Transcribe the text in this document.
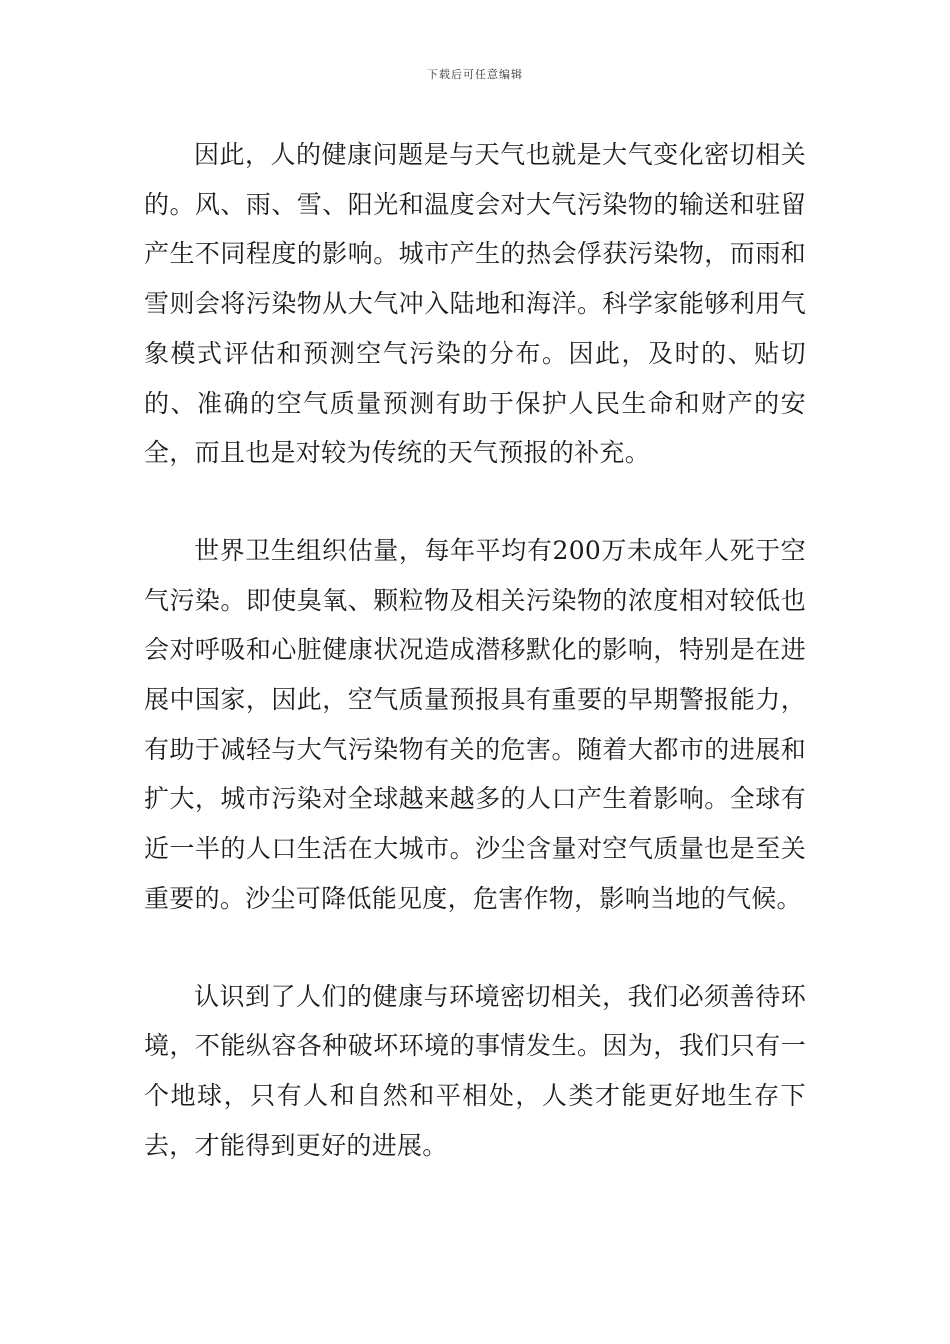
下载后可任意编辑

因此，人的健康问题是与天气也就是大气变化密切相关的。风、雨、雪、阳光和温度会对大气污染物的输送和驻留产生不同程度的影响。城市产生的热会俘获污染物，而雨和雪则会将污染物从大气冲入陆地和海洋。科学家能够利用气象模式评估和预测空气污染的分布。因此，及时的、贴切的、准确的空气质量预测有助于保护人民生命和财产的安全，而且也是对较为传统的天气预报的补充。

世界卫生组织估量，每年平均有200万未成年人死于空气污染。即使臭氧、颗粒物及相关污染物的浓度相对较低也会对呼吸和心脏健康状况造成潜移默化的影响，特别是在进展中国家，因此，空气质量预报具有重要的早期警报能力，有助于减轻与大气污染物有关的危害。随着大都市的进展和扩大，城市污染对全球越来越多的人口产生着影响。全球有近一半的人口生活在大城市。沙尘含量对空气质量也是至关重要的。沙尘可降低能见度，危害作物，影响当地的气候。

认识到了人们的健康与环境密切相关，我们必须善待环境，不能纵容各种破坏环境的事情发生。因为，我们只有一个地球，只有人和自然和平相处，人类才能更好地生存下去，才能得到更好的进展。
